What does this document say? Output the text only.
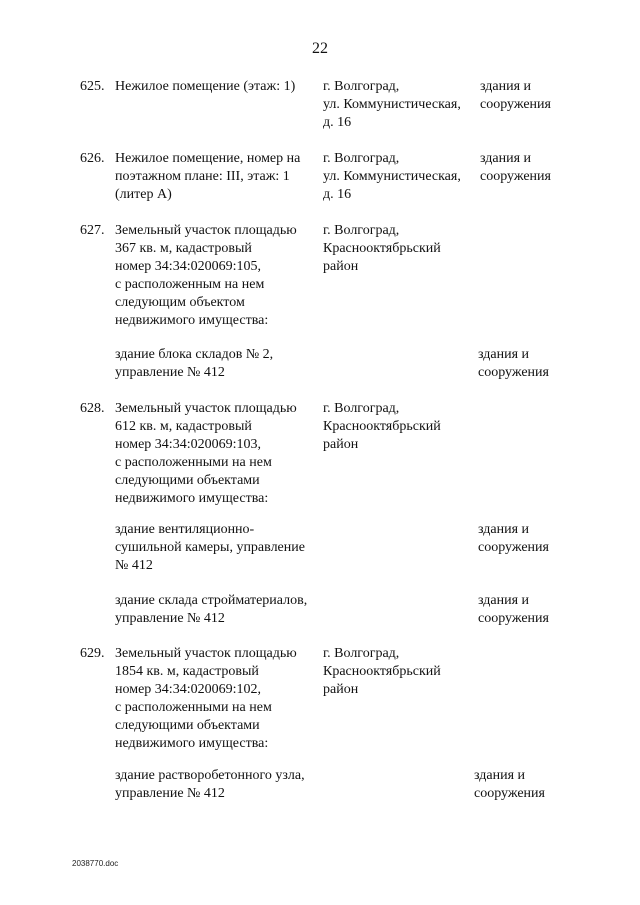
22
625. Нежилое помещение (этаж: 1)	г. Волгоград,
ул. Коммунистическая,
д. 16
здания и
сооружения
626. Нежилое помещение, номер на
поэтажном плане: III, этаж: 1
(литер А)
г. Волгоград,
ул. Коммунистическая,
д. 16
здания и
сооружения
627. Земельный участок площадью
367 кв. м, кадастровый
номер 34:34:020069:105,
с расположенным на нем
следующим объектом
недвижимого имущества:
г. Волгоград,
Краснооктябрьский
район
здание блока складов № 2,
управление № 412
здания и
сооружения
628. Земельный участок площадью
612 кв. м, кадастровый
номер 34:34:020069:103,
с расположенными на нем
следующими объектами
недвижимого имущества:
г. Волгоград,
Краснооктябрьский
район
здание вентиляционно-
сушильной камеры, управление
№ 412
здания и
сооружения
здание склада стройматериалов,
управление № 412
здания и
сооружения
629. Земельный участок площадью
1854 кв. м, кадастровый
номер 34:34:020069:102,
с расположенными на нем
следующими объектами
недвижимого имущества:
г. Волгоград,
Краснооктябрьский
район
здание растворобетонного узла,
управление № 412
здания и
сооружения
2038770.doc
